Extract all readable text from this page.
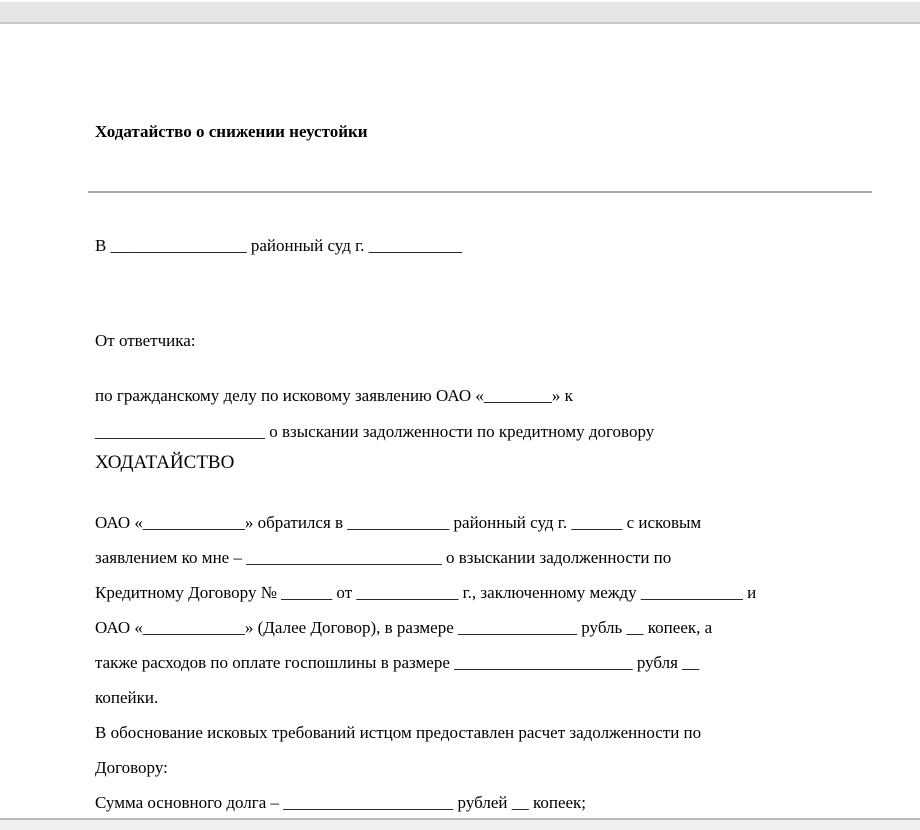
Ходатайство о снижении неустойки

В ________________ районный суд г. ___________

От ответчика:

по гражданскому делу по исковому заявлению ОАО «________» к

____________________ о взыскании задолженности по кредитному договору

ХОДАТАЙСТВО

ОАО «____________» обратился в ____________ районный суд г. ______ с исковым

заявлением ко мне – _______________________ о взыскании задолженности по

Кредитному Договору № ______ от ____________ г., заключенному между ____________ и

ОАО «____________» (Далее Договор), в размере ______________ рубль __ копеек, а

также расходов по оплате госпошлины в размере _____________________ рубля __

копейки.

В обоснование исковых требований истцом предоставлен расчет задолженности по

Договору:

Сумма основного долга – ____________________ рублей __ копеек;
